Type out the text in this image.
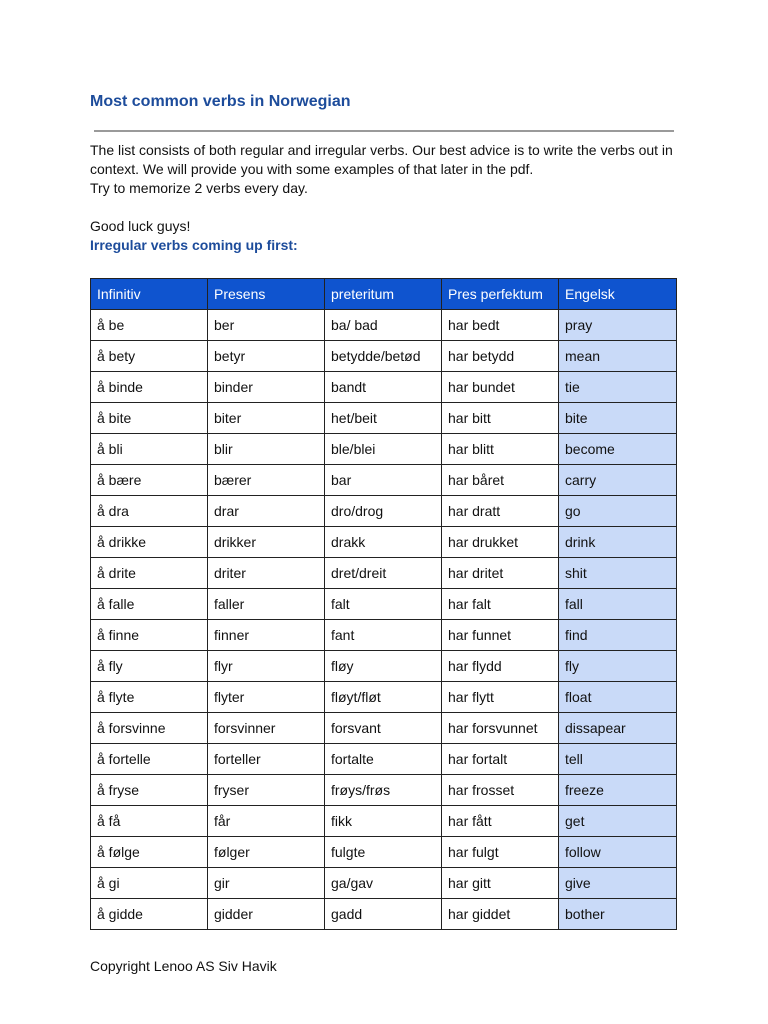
Most common verbs in Norwegian

The list consists of both regular and irregular verbs. Our best advice is to write the verbs out in context. We will provide you with some examples of that later in the pdf.

Try to memorize 2 verbs every day.

Good luck guys!

Irregular verbs coming up first:

Infinitiv	Presens	preteritum	Pres perfektum	Engelsk
å be	ber	ba/ bad	har bedt	pray
å bety	betyr	betydde/betød	har betydd	mean
å binde	binder	bandt	har bundet	tie
å bite	biter	het/beit	har bitt	bite
å bli	blir	ble/blei	har blitt	become
å bære	bærer	bar	har båret	carry
å dra	drar	dro/drog	har dratt	go
å drikke	drikker	drakk	har drukket	drink
å drite	driter	dret/dreit	har dritet	shit
å falle	faller	falt	har falt	fall
å finne	finner	fant	har funnet	find
å fly	flyr	fløy	har flydd	fly
å flyte	flyter	fløyt/fløt	har flytt	float
å forsvinne	forsvinner	forsvant	har forsvunnet	dissapear
å fortelle	forteller	fortalte	har fortalt	tell
å fryse	fryser	frøys/frøs	har frosset	freeze
å få	får	fikk	har fått	get
å følge	følger	fulgte	har fulgt	follow
å gi	gir	ga/gav	har gitt	give
å gidde	gidder	gadd	har giddet	bother

Copyright Lenoo AS Siv Havik
